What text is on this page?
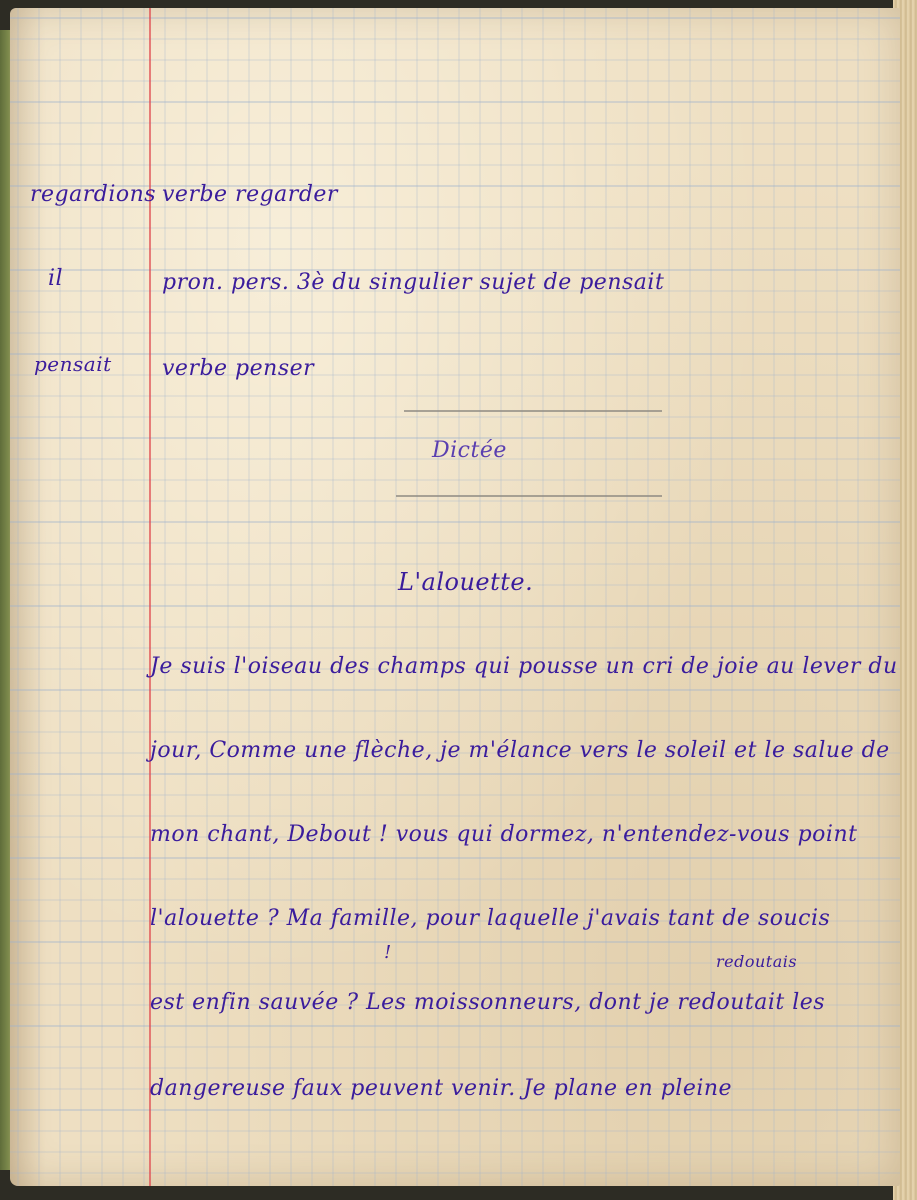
regardions verbe regarder
il	pron. pers. 3è du singulier sujet de pensait
pensait verbe penser
Dictée
L'alouette.
Je suis l'oiseau des champs qui pousse un cri de joie au lever du
jour, Comme une flèche, je m'élance vers le soleil et le salue de
mon chant, Debout ! vous qui dormez, n'entendez-vous point
l'alouette ? Ma famille, pour laquelle j'avais tant de soucis
!	redoutais
est enfin sauvée ? Les moissonneurs, dont je redoutait les
dangereuse faux peuvent venir. Je plane en pleine
